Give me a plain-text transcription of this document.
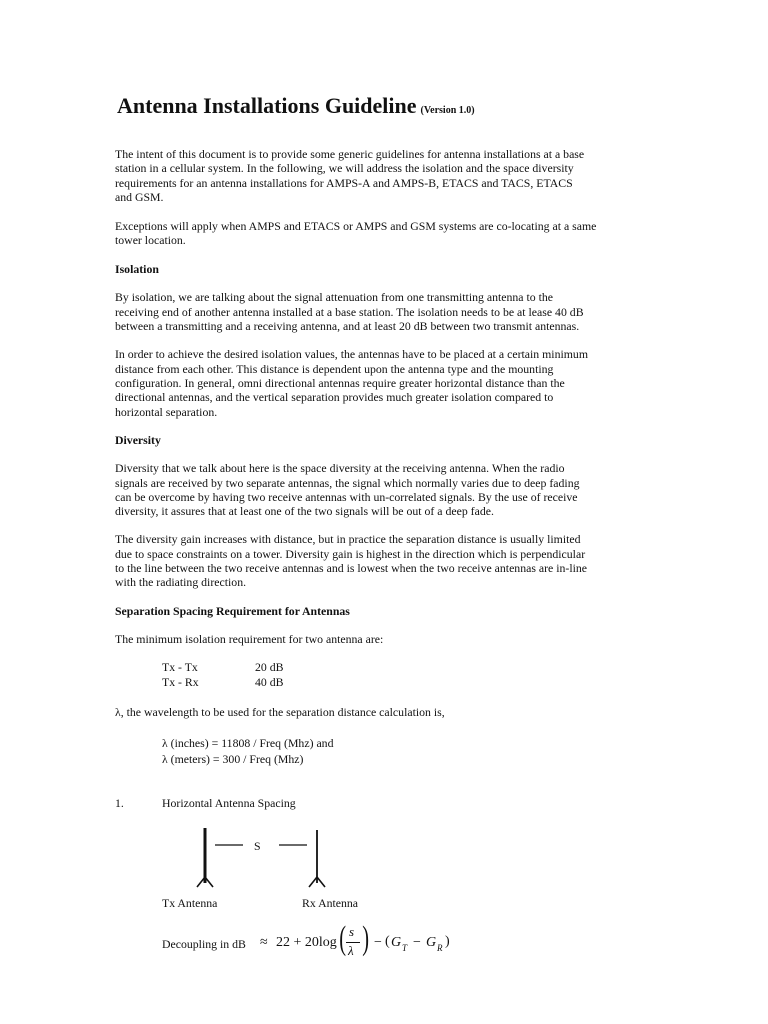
Antenna Installations Guideline (Version 1.0)

The intent of this document is to provide some generic guidelines for antenna installations at a base

station in a cellular system. In the following, we will address the isolation and the space diversity

requirements for an antenna installations for AMPS-A and AMPS-B, ETACS and TACS, ETACS

and GSM.

Exceptions will apply when AMPS and ETACS or AMPS and GSM systems are co-locating at a same

tower location.

Isolation

By isolation, we are talking about the signal attenuation from one transmitting antenna to the

receiving end of another antenna installed at a base station. The isolation needs to be at lease 40 dB

between a transmitting and a receiving antenna, and at least 20 dB between two transmit antennas.

In order to achieve the desired isolation values, the antennas have to be placed at a certain minimum

distance from each other. This distance is dependent upon the antenna type and the mounting

configuration. In general, omni directional antennas require greater horizontal distance than the

directional antennas, and the vertical separation provides much greater isolation compared to

horizontal separation.

Diversity

Diversity that we talk about here is the space diversity at the receiving antenna. When the radio

signals are received by two separate antennas, the signal which normally varies due to deep fading

can be overcome by having two receive antennas with un-correlated signals. By the use of receive

diversity, it assures that at least one of the two signals will be out of a deep fade.

The diversity gain increases with distance, but in practice the separation distance is usually limited

due to space constraints on a tower. Diversity gain is highest in the direction which is perpendicular

to the line between the two receive antennas and is lowest when the two receive antennas are in-line

with the radiating direction.

Separation Spacing Requirement for Antennas

The minimum isolation requirement for two antenna are:

Tx - Tx	20 dB
Tx - Rx	40 dB

λ, the wavelength to be used for the separation distance calculation is,

λ (inches) = 11808 / Freq (Mhz) and
λ (meters) = 300 / Freq (Mhz)
1.	Horizontal Antenna Spacing
S
Tx Antenna	Rx Antenna
Decoupling in dB ≈ 22 + 20log ( s
λ ) − ( G T − G R )
